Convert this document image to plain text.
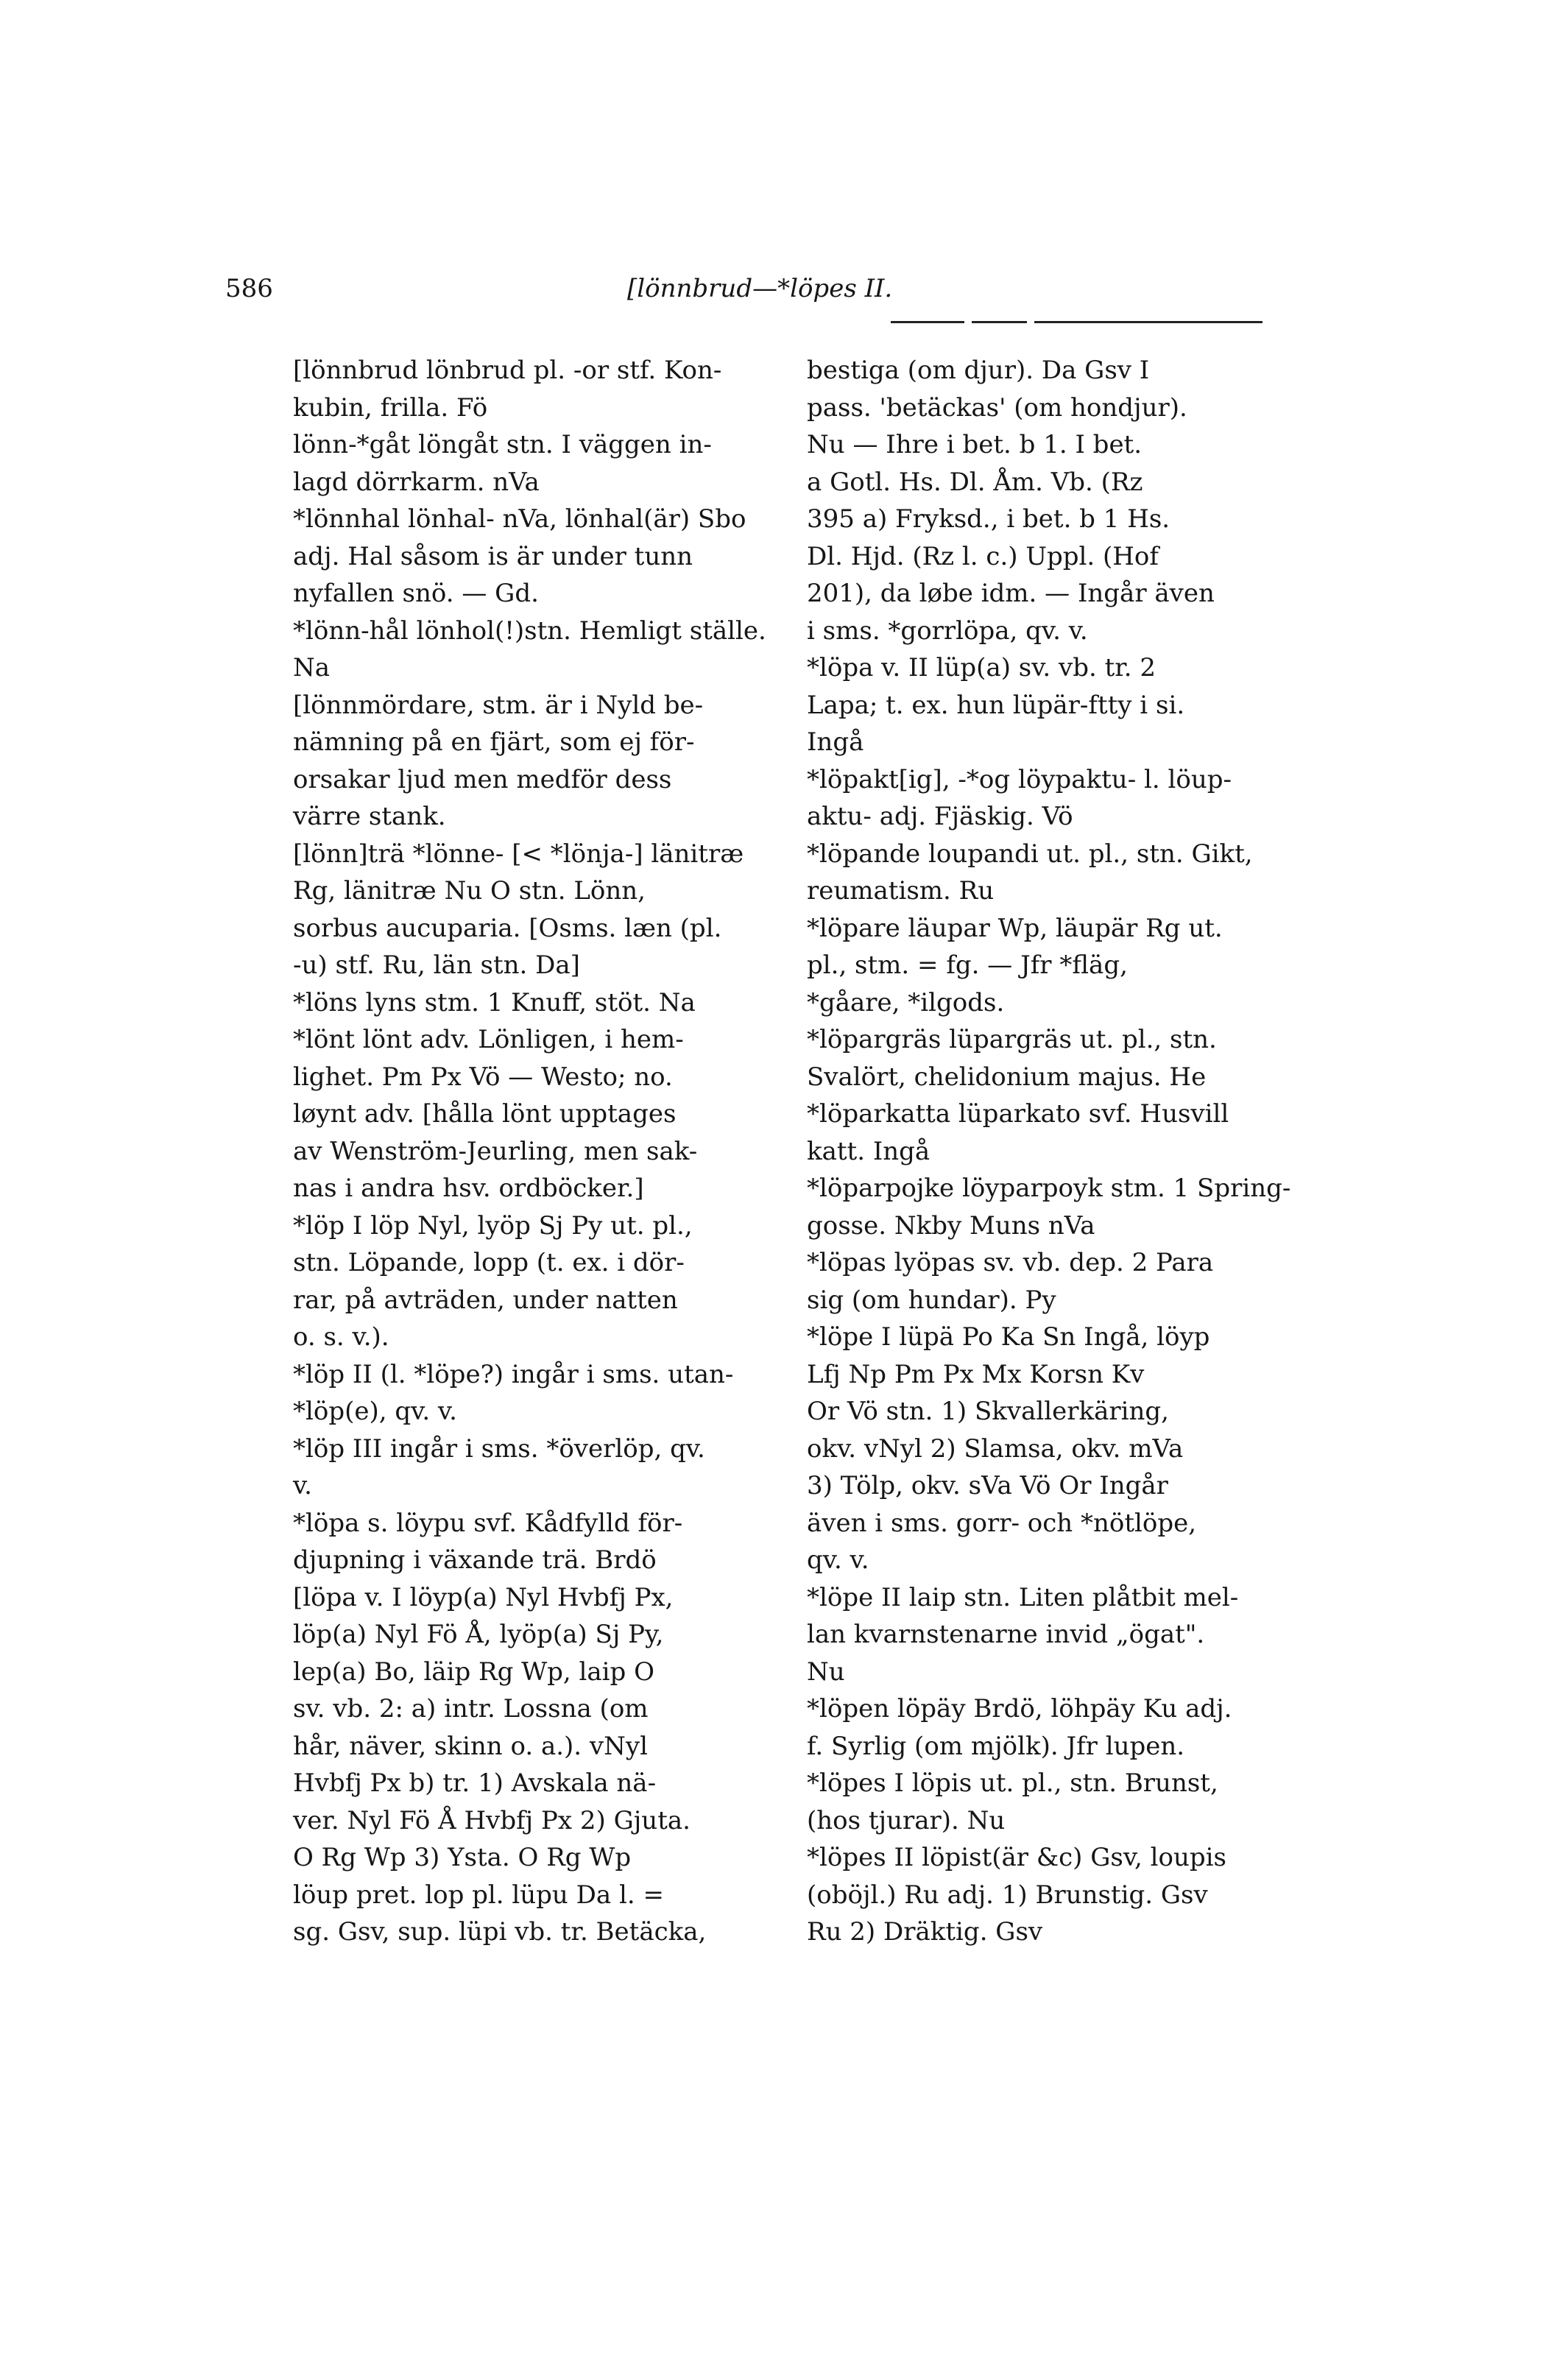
586	[lönnbrud—*löpes II.
[lönnbrud lönbrud pl. -or stf. Kon-
kubin, frilla. Fö
lönn-*gåt löngåt stn. I väggen in-
lagd dörrkarm. nVa
*lönnhal lönhal- nVa, lönhal(är) Sbo
adj. Hal såsom is är under tunn
nyfallen snö. — Gd.
*lönn-hål lönhol(!)stn. Hemligt ställe.
Na
[lönnmördare, stm. är i Nyld be-
nämning på en fjärt, som ej för-
orsakar ljud men medför dess
värre stank.
[lönn]trä *lönne- [< *lönja-] länitræ
Rg, länitræ Nu O stn. Lönn,
sorbus aucuparia. [Osms. læn (pl.
-u) stf. Ru, län stn. Da]
*löns lyns stm. 1 Knuff, stöt. Na
*lönt lönt adv. Lönligen, i hem-
lighet. Pm Px Vö — Westo; no.
løynt adv. [hålla lönt upptages
av Wenström-Jeurling, men sak-
nas i andra hsv. ordböcker.]
*löp I löp Nyl, lyöp Sj Py ut. pl.,
stn. Löpande, lopp (t. ex. i dör-
rar, på avträden, under natten
o. s. v.).
*löp II (l. *löpe?) ingår i sms. utan-
*löp(e), qv. v.
*löp III ingår i sms. *överlöp, qv.
v.
*löpa s. löypu svf. Kådfylld för-
djupning i växande trä. Brdö
[löpa v. I löyp(a) Nyl Hvbfj Px,
löp(a) Nyl Fö Å, lyöp(a) Sj Py,
lep(a) Bo, läip Rg Wp, laip O
sv. vb. 2: a) intr. Lossna (om
hår, näver, skinn o. a.). vNyl
Hvbfj Px b) tr. 1) Avskala nä-
ver. Nyl Fö Å Hvbfj Px 2) Gjuta.
O Rg Wp 3) Ysta. O Rg Wp
löup pret. lop pl. lüpu Da l. =
sg. Gsv, sup. lüpi vb. tr. Betäcka,
bestiga (om djur). Da Gsv I
pass. 'betäckas' (om hondjur).
Nu — Ihre i bet. b 1. I bet.
a Gotl. Hs. Dl. Åm. Vb. (Rz
395 a) Fryksd., i bet. b 1 Hs.
Dl. Hjd. (Rz l. c.) Uppl. (Hof
201), da løbe idm. — Ingår även
i sms. *gorrlöpa, qv. v.
*löpa v. II lüp(a) sv. vb. tr. 2
Lapa; t. ex. hun lüpär-ftty i si.
Ingå
*löpakt[ig], -*og löypaktu- l. löup-
aktu- adj. Fjäskig. Vö
*löpande loupandi ut. pl., stn. Gikt,
reumatism. Ru
*löpare läupar Wp, läupär Rg ut.
pl., stm. = fg. — Jfr *fläg,
*gåare, *ilgods.
*löpargräs lüpargräs ut. pl., stn.
Svalört, chelidonium majus. He
*löparkatta lüparkato svf. Husvill
katt. Ingå
*löparpojke löyparpoyk stm. 1 Spring-
gosse. Nkby Muns nVa
*löpas lyöpas sv. vb. dep. 2 Para
sig (om hundar). Py
*löpe I lüpä Po Ka Sn Ingå, löyp
Lfj Np Pm Px Mx Korsn Kv
Or Vö stn. 1) Skvallerkäring,
okv. vNyl 2) Slamsa, okv. mVa
3) Tölp, okv. sVa Vö Or Ingår
även i sms. gorr- och *nötlöpe,
qv. v.
*löpe II laip stn. Liten plåtbit mel-
lan kvarnstenarne invid „ögat".
Nu
*löpen löpäy Brdö, löhpäy Ku adj.
f. Syrlig (om mjölk). Jfr lupen.
*löpes I löpis ut. pl., stn. Brunst,
(hos tjurar). Nu
*löpes II löpist(är &c) Gsv, loupis
(oböjl.) Ru adj. 1) Brunstig. Gsv
Ru 2) Dräktig. Gsv
